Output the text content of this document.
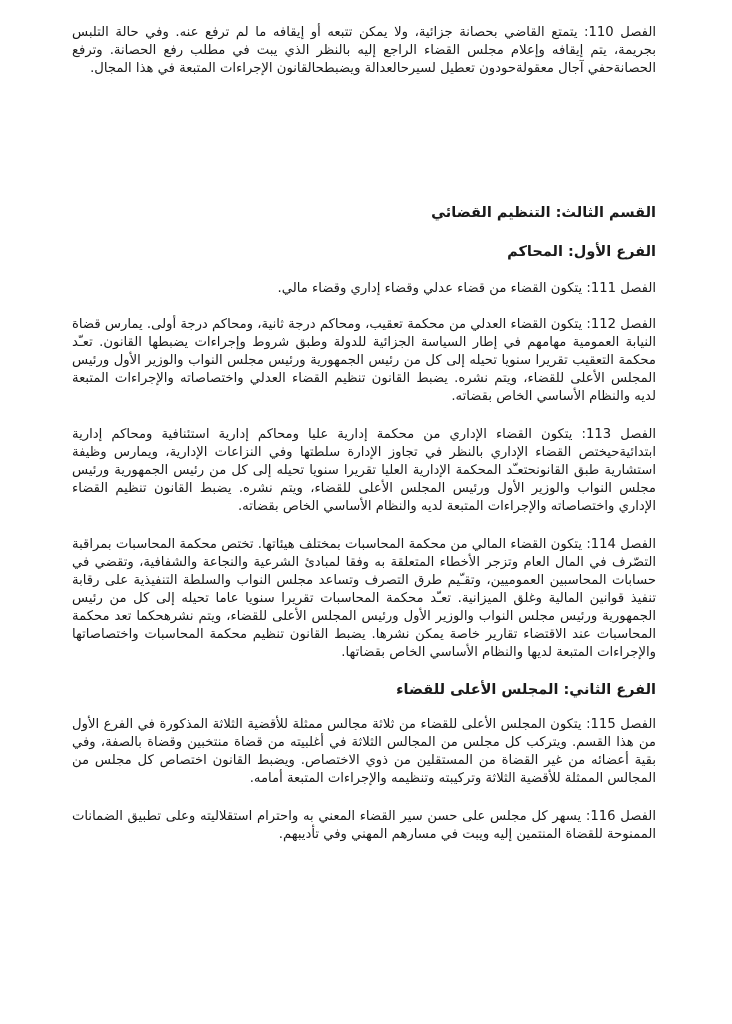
الفصل 110: يتمتع القاضي بحصانة جزائية، ولا يمكن تتبعه أو إيقافه ما لم ترفع عنه. وفي حالة التلبس بجريمة، يتم إيقافه وإعلام مجلس القضاء الراجع إليه بالنظر الذي يبت في مطلب رفع الحصانة. وترفع الحصانةحفي آجال معقولةحودون تعطيل لسيرحالعدالة ويضبطحالقانون الإجراءات المتبعة في هذا المجال.

القسم الثالث: التنظيم القضائي

الفرع الأول: المحاكم

الفصل 111: يتكون القضاء من قضاء عدلي وقضاء إداري وقضاء مالي.

الفصل 112: يتكون القضاء العدلي من محكمة تعقيب، ومحاكم درجة ثانية، ومحاكم درجة أولى. يمارس قضاة النيابة العمومية مهامهم في إطار السياسة الجزائية للدولة وطبق شروط وإجراءات يضبطها القانون. تعـّد محكمة التعقيب تقريرا سنويا تحيله إلى كل من رئيس الجمهورية ورئيس مجلس النواب والوزير الأول ورئيس المجلس الأعلى للقضاء، ويتم نشره. يضبط القانون تنظيم القضاء العدلي واختصاصاته والإجراءات المتبعة لديه والنظام الأساسي الخاص بقضاته.

الفصل 113: يتكون القضاء الإداري من محكمة إدارية عليا ومحاكم إدارية استئنافية ومحاكم إدارية ابتدائيةحيختص القضاء الإداري بالنظر في تجاوز الإدارة سلطتها وفي النزاعات الإدارية، ويمارس وظيفة استشارية طبق القانونحتعـّد المحكمة الإدارية العليا تقريرا سنويا تحيله إلى كل من رئيس الجمهورية ورئيس مجلس النواب والوزير الأول ورئيس المجلس الأعلى للقضاء، ويتم نشره. يضبط القانون تنظيم القضاء الإداري واختصاصاته والإجراءات المتبعة لديه والنظام الأساسي الخاص بقضاته.

الفصل 114: يتكون القضاء المالي من محكمة المحاسبات بمختلف هيئاتها. تختص محكمة المحاسبات بمراقبة التصّرف في المال العام وتزجر الأخطاء المتعلقة به وفقا لمبادئ الشرعية والنجاعة والشفافية، وتقضي في حسابات المحاسبين العموميين، وتقـّيم طرق التصرف وتساعد مجلس النواب والسلطة التنفيذية على رقابة تنفيذ قوانين المالية وغلق الميزانية. تعـّد محكمة المحاسبات تقريرا سنويا عاما تحيله إلى كل من رئيس الجمهورية ورئيس مجلس النواب والوزير الأول ورئيس المجلس الأعلى للقضاء، ويتم نشرهحكما تعد محكمة المحاسبات عند الاقتضاء تقارير خاصة يمكن نشرها. يضبط القانون تنظيم محكمة المحاسبات واختصاصاتها والإجراءات المتبعة لديها والنظام الأساسي الخاص بقضاتها.

الفرع الثاني: المجلس الأعلى للقضاء

الفصل 115: يتكون المجلس الأعلى للقضاء من ثلاثة مجالس ممثلة للأقضية الثلاثة المذكورة في الفرع الأول من هذا القسم. ويتركب كل مجلس من المجالس الثلاثة في أغلبيته من قضاة منتخبين وقضاة بالصفة، وفي بقية أعضائه من غير القضاة من المستقلين من ذوي الاختصاص. ويضبط القانون اختصاص كل مجلس من المجالس الممثلة للأقضية الثلاثة وتركيبته وتنظيمه والإجراءات المتبعة أمامه.

الفصل 116: يسهر كل مجلس على حسن سير القضاء المعني به واحترام استقلاليته وعلى تطبيق الضمانات الممنوحة للقضاة المنتمين إليه ويبت في مسارهم المهني وفي تأديبهم.
